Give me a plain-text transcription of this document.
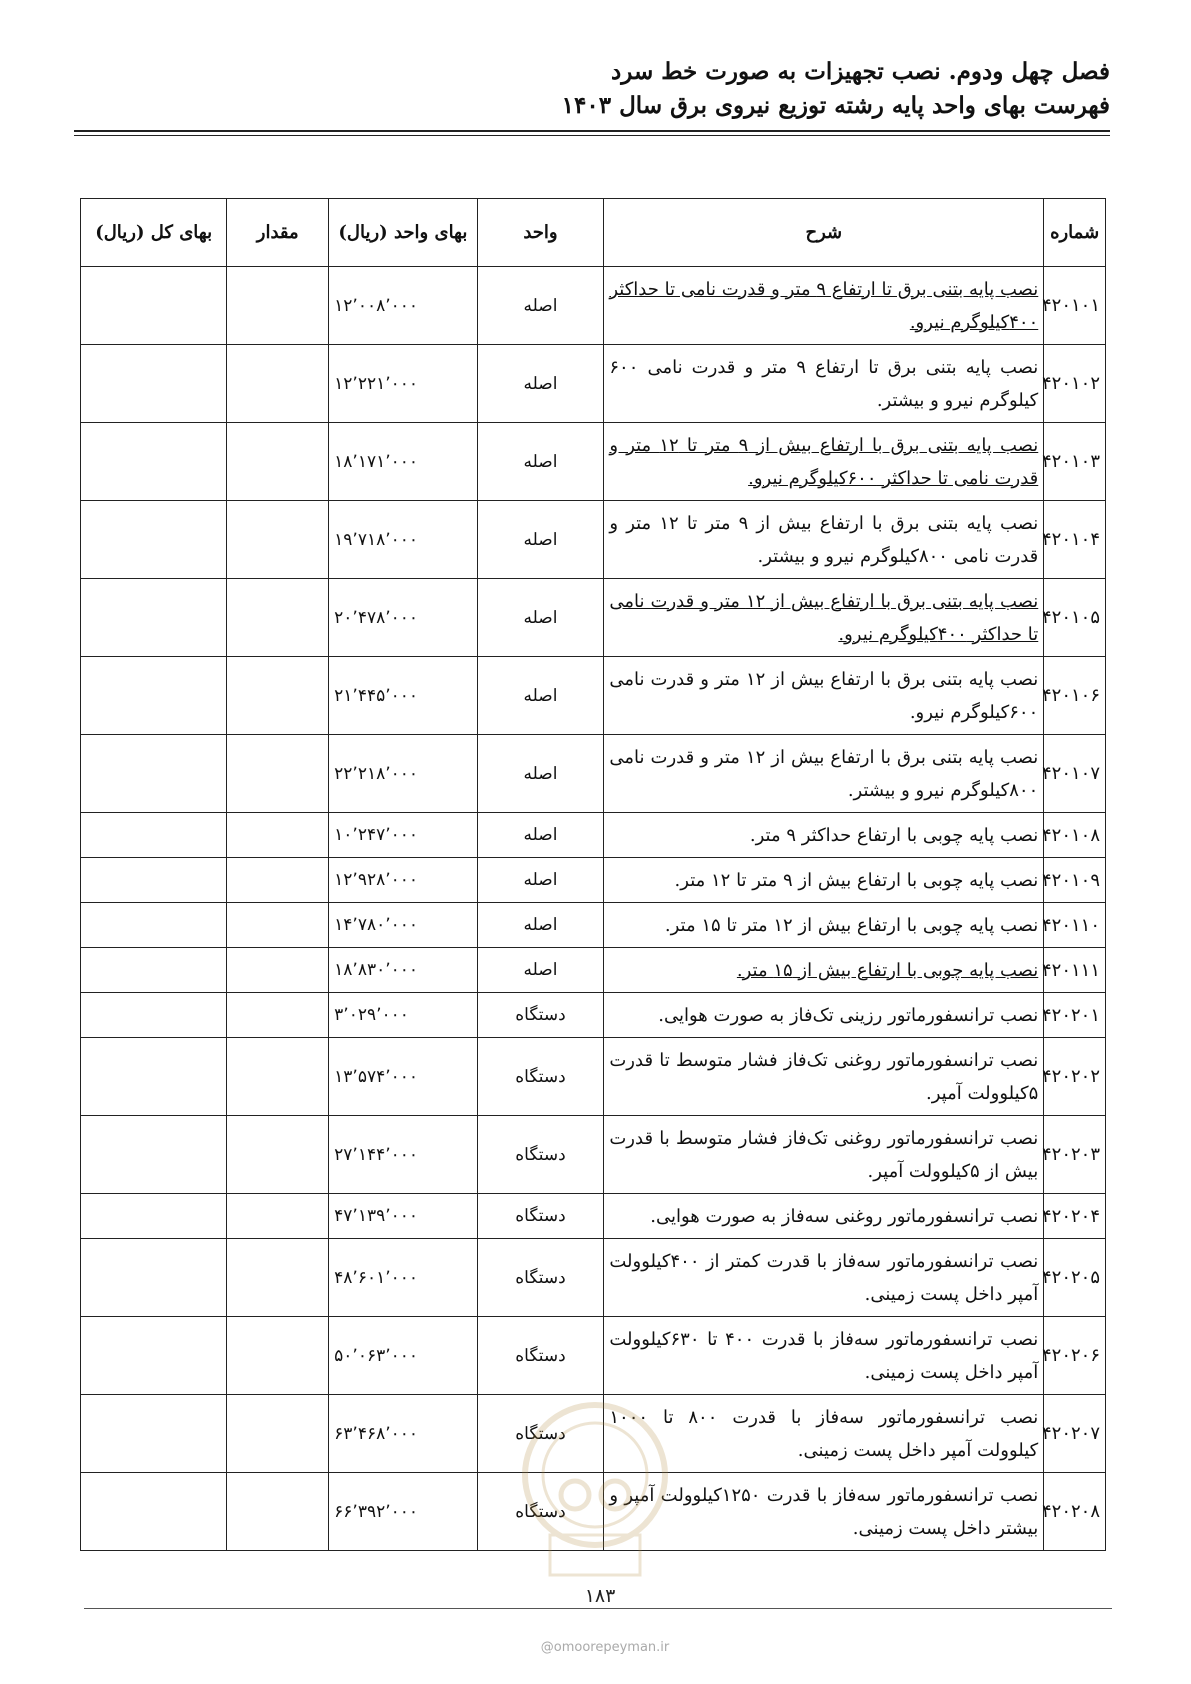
فصل چهل ودوم. نصب تجهیزات به صورت خط سرد
فهرست بهای واحد پایه رشته توزیع نیروی برق سال ۱۴۰۳
شماره	شرح	واحد	بهای واحد (ریال)	مقدار	بهای کل (ریال)
۴۲۰۱۰۱	نصب پایه بتنی برق تا ارتفاع ۹ متر و قدرت نامی تا حداکثر ۴۰۰کیلوگرم نیرو.	اصله	۱۲٬۰۰۸٬۰۰۰		
۴۲۰۱۰۲	نصب پایه بتنی برق تا ارتفاع ۹ متر و قدرت نامی ۶۰۰ کیلوگرم نیرو و بیشتر.	اصله	۱۲٬۲۲۱٬۰۰۰		
۴۲۰۱۰۳	نصب پایه بتنی برق با ارتفاع بیش از ۹ متر تا ۱۲ متر و قدرت نامی تا حداکثر ۶۰۰کیلوگرم نیرو.	اصله	۱۸٬۱۷۱٬۰۰۰		
۴۲۰۱۰۴	نصب پایه بتنی برق با ارتفاع بیش از ۹ متر تا ۱۲ متر و قدرت نامی ۸۰۰کیلوگرم نیرو و بیشتر.	اصله	۱۹٬۷۱۸٬۰۰۰		
۴۲۰۱۰۵	نصب پایه بتنی برق با ارتفاع بیش از ۱۲ متر و قدرت نامی تا حداکثر ۴۰۰کیلوگرم نیرو.	اصله	۲۰٬۴۷۸٬۰۰۰		
۴۲۰۱۰۶	نصب پایه بتنی برق با ارتفاع بیش از ۱۲ متر و قدرت نامی ۶۰۰کیلوگرم نیرو.	اصله	۲۱٬۴۴۵٬۰۰۰		
۴۲۰۱۰۷	نصب پایه بتنی برق با ارتفاع بیش از ۱۲ متر و قدرت نامی ۸۰۰کیلوگرم نیرو و بیشتر.	اصله	۲۲٬۲۱۸٬۰۰۰		
۴۲۰۱۰۸	نصب پایه چوبی با ارتفاع حداکثر ۹ متر.	اصله	۱۰٬۲۴۷٬۰۰۰		
۴۲۰۱۰۹	نصب پایه چوبی با ارتفاع بیش از ۹ متر تا ۱۲ متر.	اصله	۱۲٬۹۲۸٬۰۰۰		
۴۲۰۱۱۰	نصب پایه چوبی با ارتفاع بیش از ۱۲ متر تا ۱۵ متر.	اصله	۱۴٬۷۸۰٬۰۰۰		
۴۲۰۱۱۱	نصب پایه چوبی با ارتفاع بیش از ۱۵ متر.	اصله	۱۸٬۸۳۰٬۰۰۰		
۴۲۰۲۰۱	نصب ترانسفورماتور رزینی تک‌فاز به صورت هوایی.	دستگاه	۳٬۰۲۹٬۰۰۰		
۴۲۰۲۰۲	نصب ترانسفورماتور روغنی تک‌فاز فشار متوسط تا قدرت ۵کیلوولت آمپر.	دستگاه	۱۳٬۵۷۴٬۰۰۰		
۴۲۰۲۰۳	نصب ترانسفورماتور روغنی تک‌فاز فشار متوسط با قدرت بیش از ۵کیلوولت آمپر.	دستگاه	۲۷٬۱۴۴٬۰۰۰		
۴۲۰۲۰۴	نصب ترانسفورماتور روغنی سه‌فاز به صورت هوایی.	دستگاه	۴۷٬۱۳۹٬۰۰۰		
۴۲۰۲۰۵	نصب ترانسفورماتور سه‌فاز با قدرت کمتر از ۴۰۰کیلوولت آمپر داخل پست زمینی.	دستگاه	۴۸٬۶۰۱٬۰۰۰		
۴۲۰۲۰۶	نصب ترانسفورماتور سه‌فاز با قدرت ۴۰۰ تا ۶۳۰کیلوولت آمپر داخل پست زمینی.	دستگاه	۵۰٬۰۶۳٬۰۰۰		
۴۲۰۲۰۷	نصب ترانسفورماتور سه‌فاز با قدرت ۸۰۰ تا ۱۰۰۰ کیلوولت آمپر داخل پست زمینی.	دستگاه	۶۳٬۴۶۸٬۰۰۰		
۴۲۰۲۰۸	نصب ترانسفورماتور سه‌فاز با قدرت ۱۲۵۰کیلوولت آمپر و بیشتر داخل پست زمینی.	دستگاه	۶۶٬۳۹۲٬۰۰۰		
۱۸۳
@omoorepeyman.ir
